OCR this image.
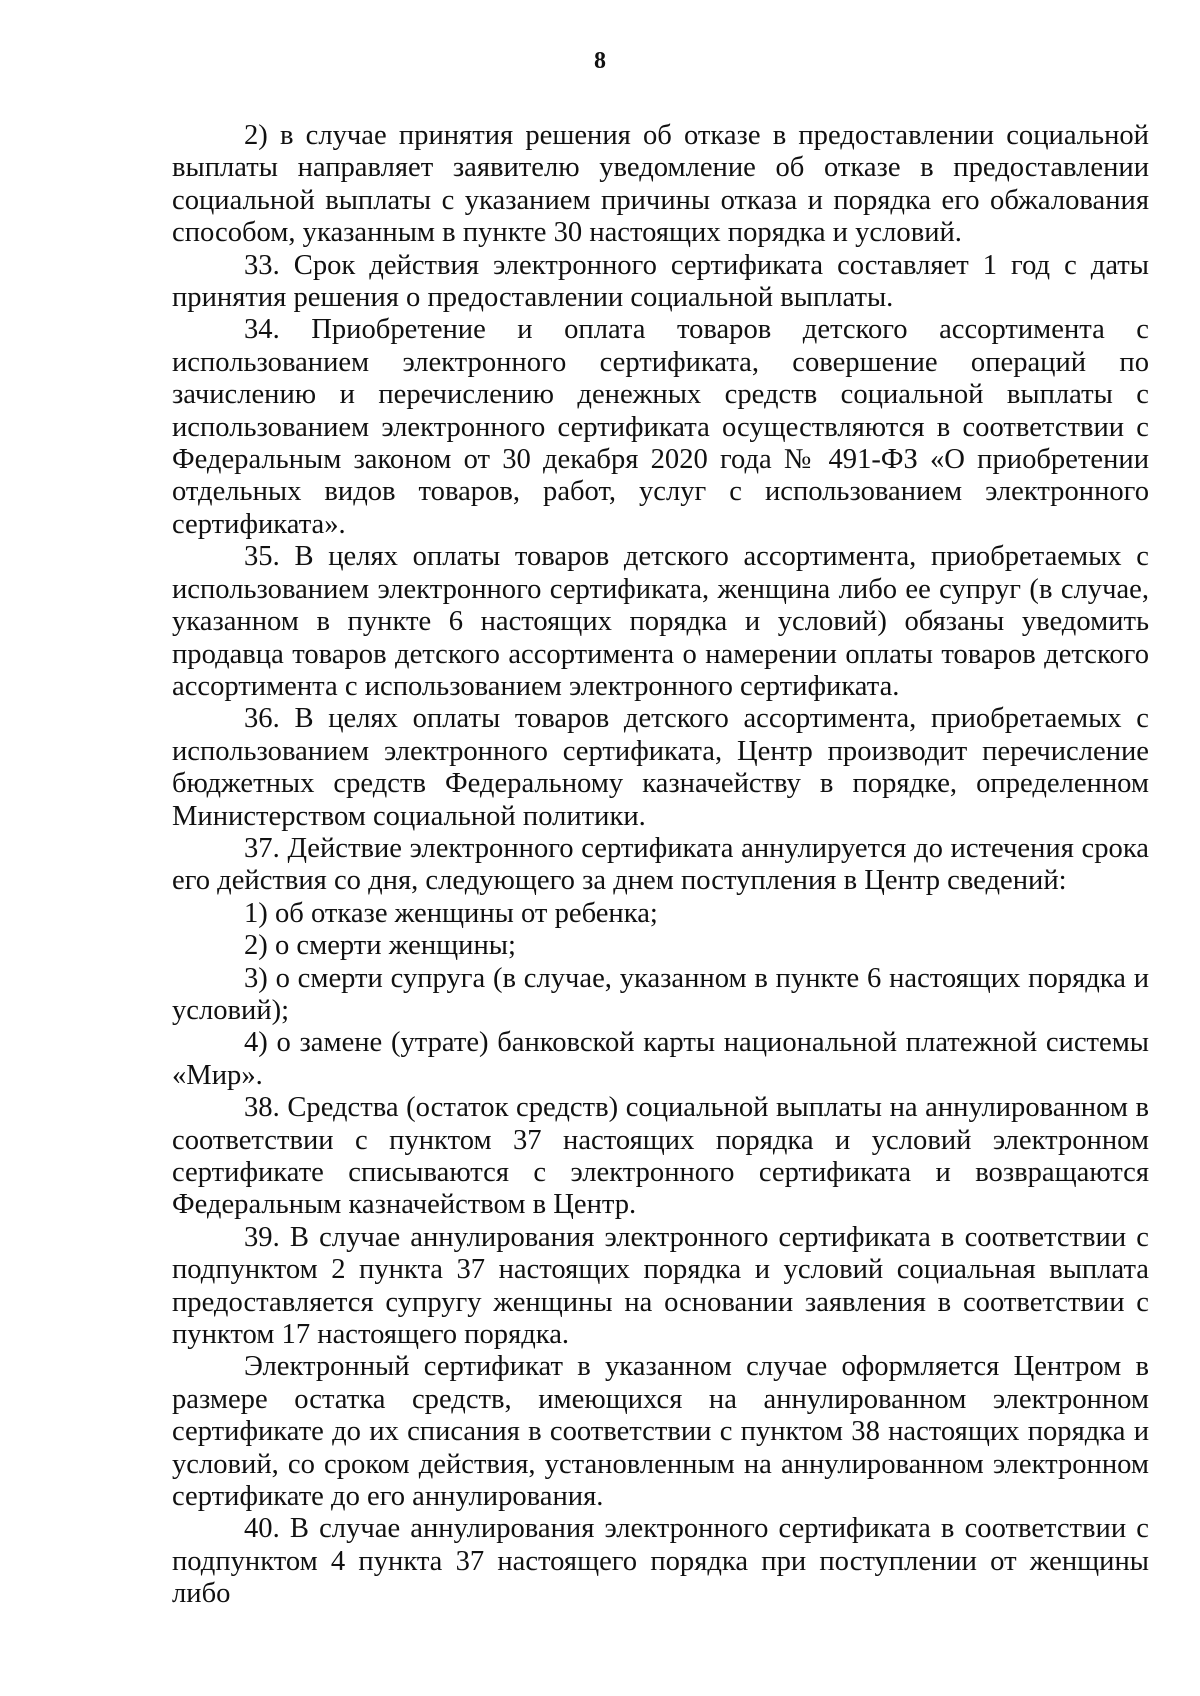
8

2) в случае принятия решения об отказе в предоставлении социальной выплаты направляет заявителю уведомление об отказе в предоставлении социальной выплаты с указанием причины отказа и порядка его обжалования способом, указанным в пункте 30 настоящих порядка и условий.

33. Срок действия электронного сертификата составляет 1 год с даты принятия решения о предоставлении социальной выплаты.

34. Приобретение и оплата товаров детского ассортимента с использованием электронного сертификата, совершение операций по зачислению и перечислению денежных средств социальной выплаты с использованием электронного сертификата осуществляются в соответствии с Федеральным законом от 30 декабря 2020 года № 491-ФЗ «О приобретении отдельных видов товаров, работ, услуг с использованием электронного сертификата».

35. В целях оплаты товаров детского ассортимента, приобретаемых с использованием электронного сертификата, женщина либо ее супруг (в случае, указанном в пункте 6 настоящих порядка и условий) обязаны уведомить продавца товаров детского ассортимента о намерении оплаты товаров детского ассортимента с использованием электронного сертификата.

36. В целях оплаты товаров детского ассортимента, приобретаемых с использованием электронного сертификата, Центр производит перечисление бюджетных средств Федеральному казначейству в порядке, определенном Министерством социальной политики.

37. Действие электронного сертификата аннулируется до истечения срока его действия со дня, следующего за днем поступления в Центр сведений:

1) об отказе женщины от ребенка;

2) о смерти женщины;

3) о смерти супруга (в случае, указанном в пункте 6 настоящих порядка и условий);

4) о замене (утрате) банковской карты национальной платежной системы «Мир».

38. Средства (остаток средств) социальной выплаты на аннулированном в соответствии с пунктом 37 настоящих порядка и условий электронном сертификате списываются с электронного сертификата и возвращаются Федеральным казначейством в Центр.

39. В случае аннулирования электронного сертификата в соответствии с подпунктом 2 пункта 37 настоящих порядка и условий социальная выплата предоставляется супругу женщины на основании заявления в соответствии с пунктом 17 настоящего порядка.

Электронный сертификат в указанном случае оформляется Центром в размере остатка средств, имеющихся на аннулированном электронном сертификате до их списания в соответствии с пунктом 38 настоящих порядка и условий, со сроком действия, установленным на аннулированном электронном сертификате до его аннулирования.

40. В случае аннулирования электронного сертификата в соответствии с подпунктом 4 пункта 37 настоящего порядка при поступлении от женщины либо
